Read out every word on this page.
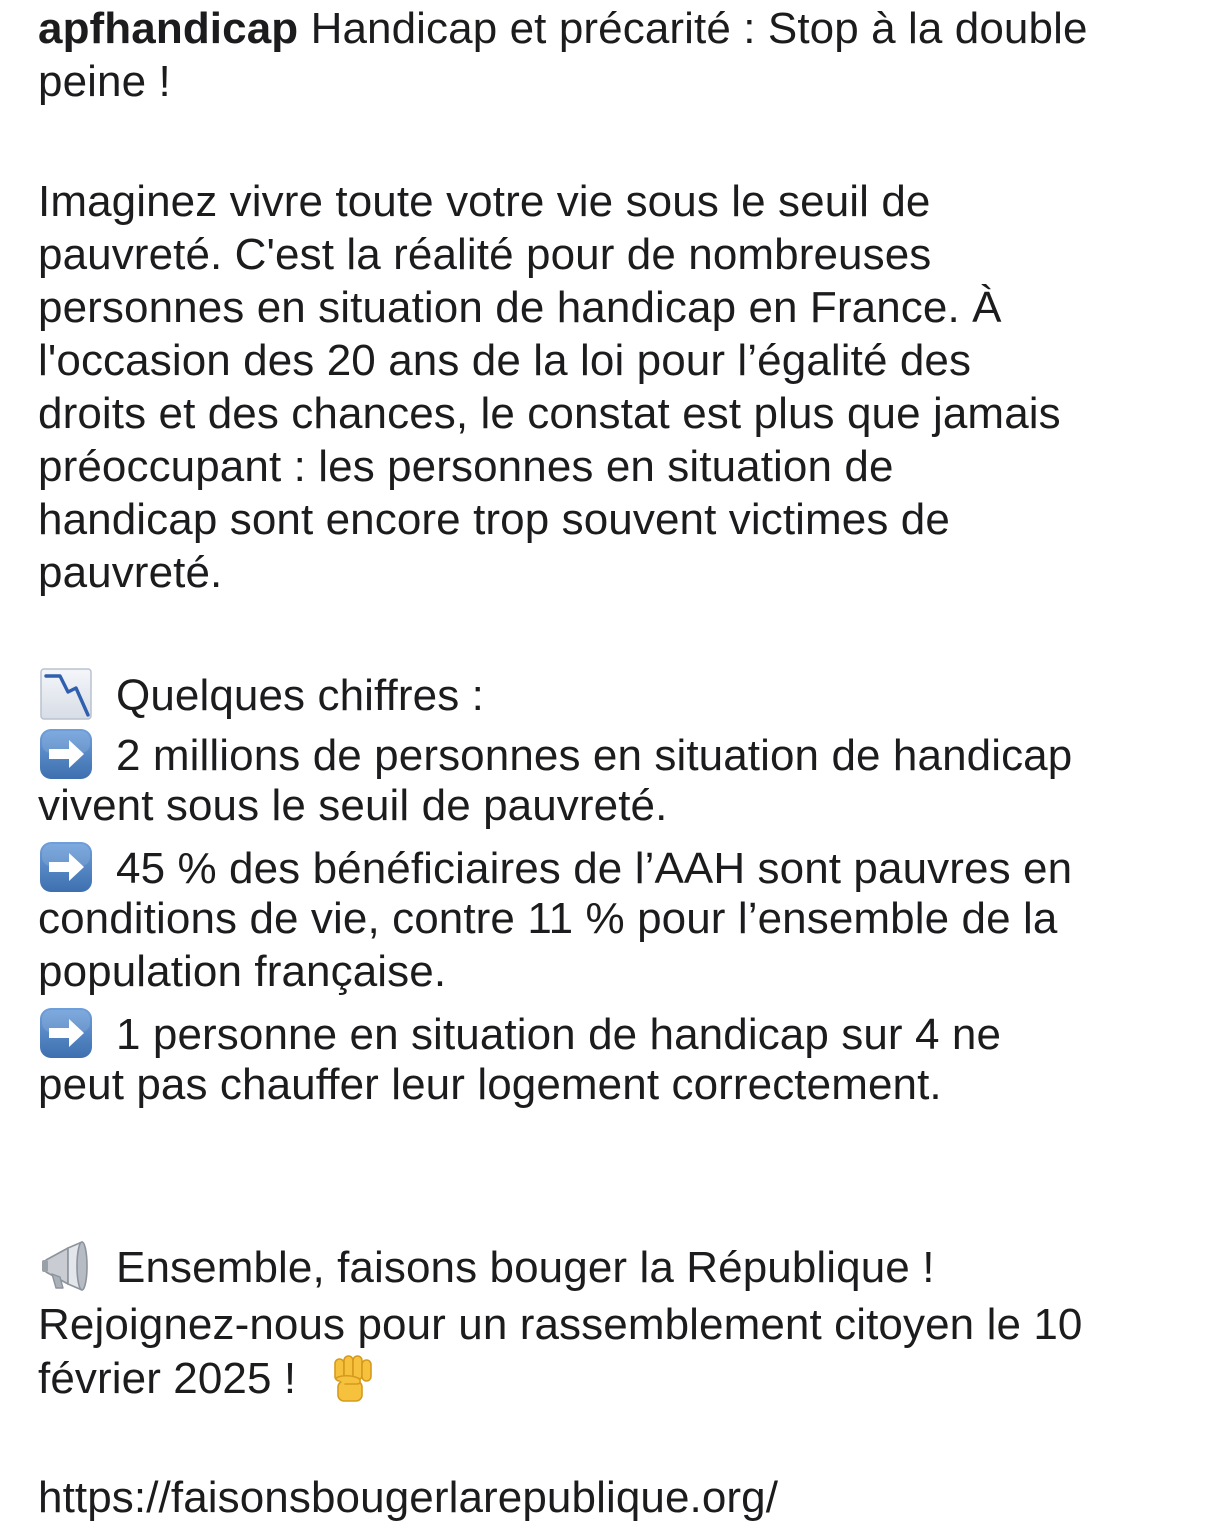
apfhandicap Handicap et précarité : Stop à la double
peine !
Imaginez vivre toute votre vie sous le seuil de
pauvreté. C'est la réalité pour de nombreuses
personnes en situation de handicap en France. À
l'occasion des 20 ans de la loi pour l’égalité des
droits et des chances, le constat est plus que jamais
préoccupant : les personnes en situation de
handicap sont encore trop souvent victimes de
pauvreté.
Quelques chiffres :
2 millions de personnes en situation de handicap
vivent sous le seuil de pauvreté.
45 % des bénéficiaires de l’AAH sont pauvres en
conditions de vie, contre 11 % pour l’ensemble de la
population française.
1 personne en situation de handicap sur 4 ne
peut pas chauffer leur logement correctement.
Ensemble, faisons bouger la République !
Rejoignez-nous pour un rassemblement citoyen le 10
février 2025 !
https://faisonsbougerlarepublique.org/
